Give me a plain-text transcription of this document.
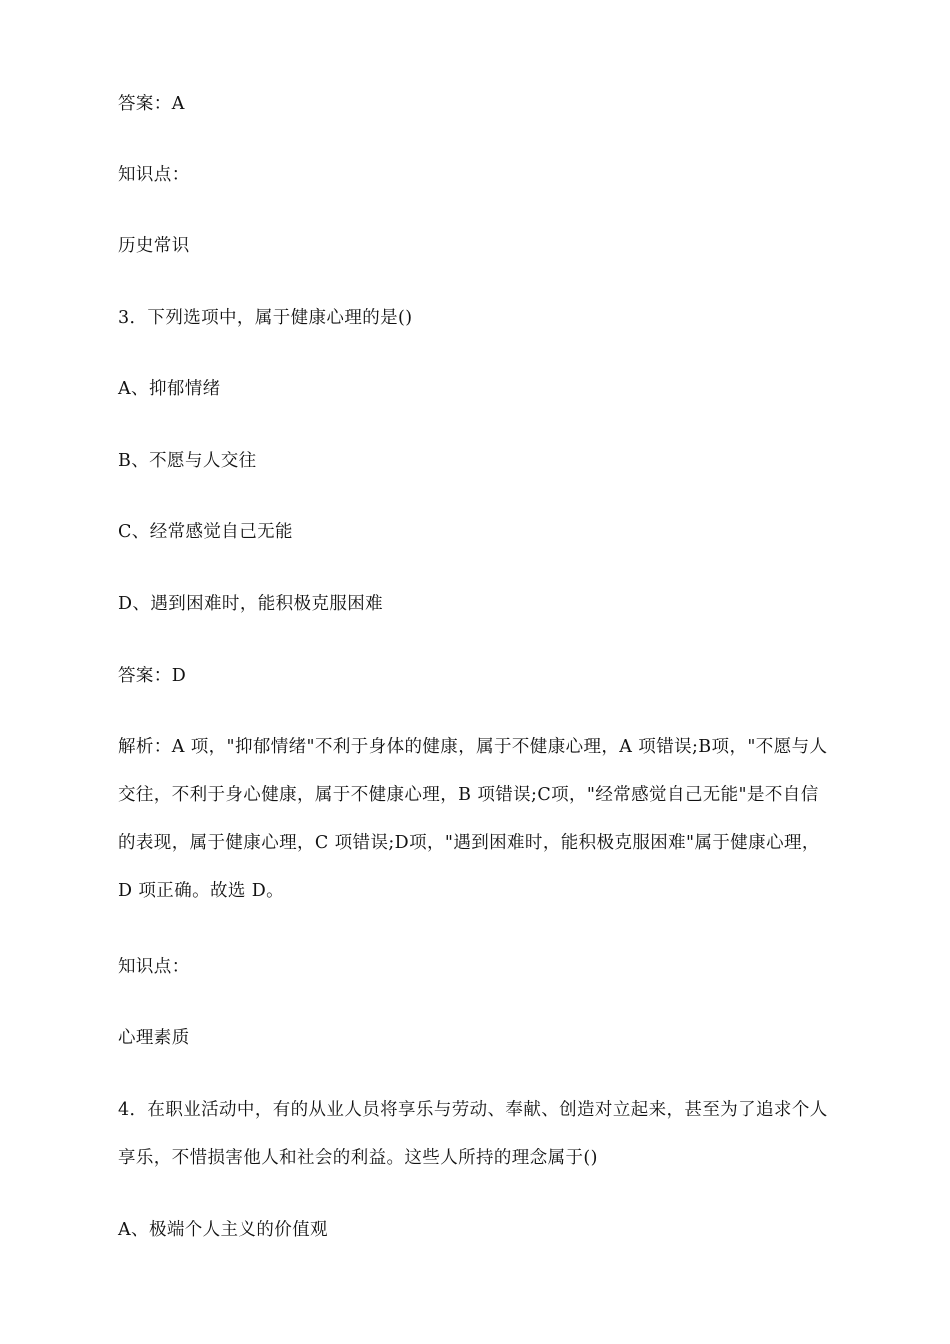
答案：A
知识点：
历史常识
3．下列选项中，属于健康心理的是()
A、抑郁情绪
B、不愿与人交往
C、经常感觉自己无能
D、遇到困难时，能积极克服困难
答案：D

解析：A 项，"抑郁情绪"不利于身体的健康，属于不健康心理，A 项错误;B项，"不愿与人交往，不利于身心健康，属于不健康心理，B 项错误;C项，"经常感觉自己无能"是不自信的表现，属于健康心理，C 项错误;D项，"遇到困难时，能积极克服困难"属于健康心理，D 项正确。故选 D。

知识点：
心理素质

4．在职业活动中，有的从业人员将享乐与劳动、奉献、创造对立起来，甚至为了追求个人享乐，不惜损害他人和社会的利益。这些人所持的理念属于()

A、极端个人主义的价值观
